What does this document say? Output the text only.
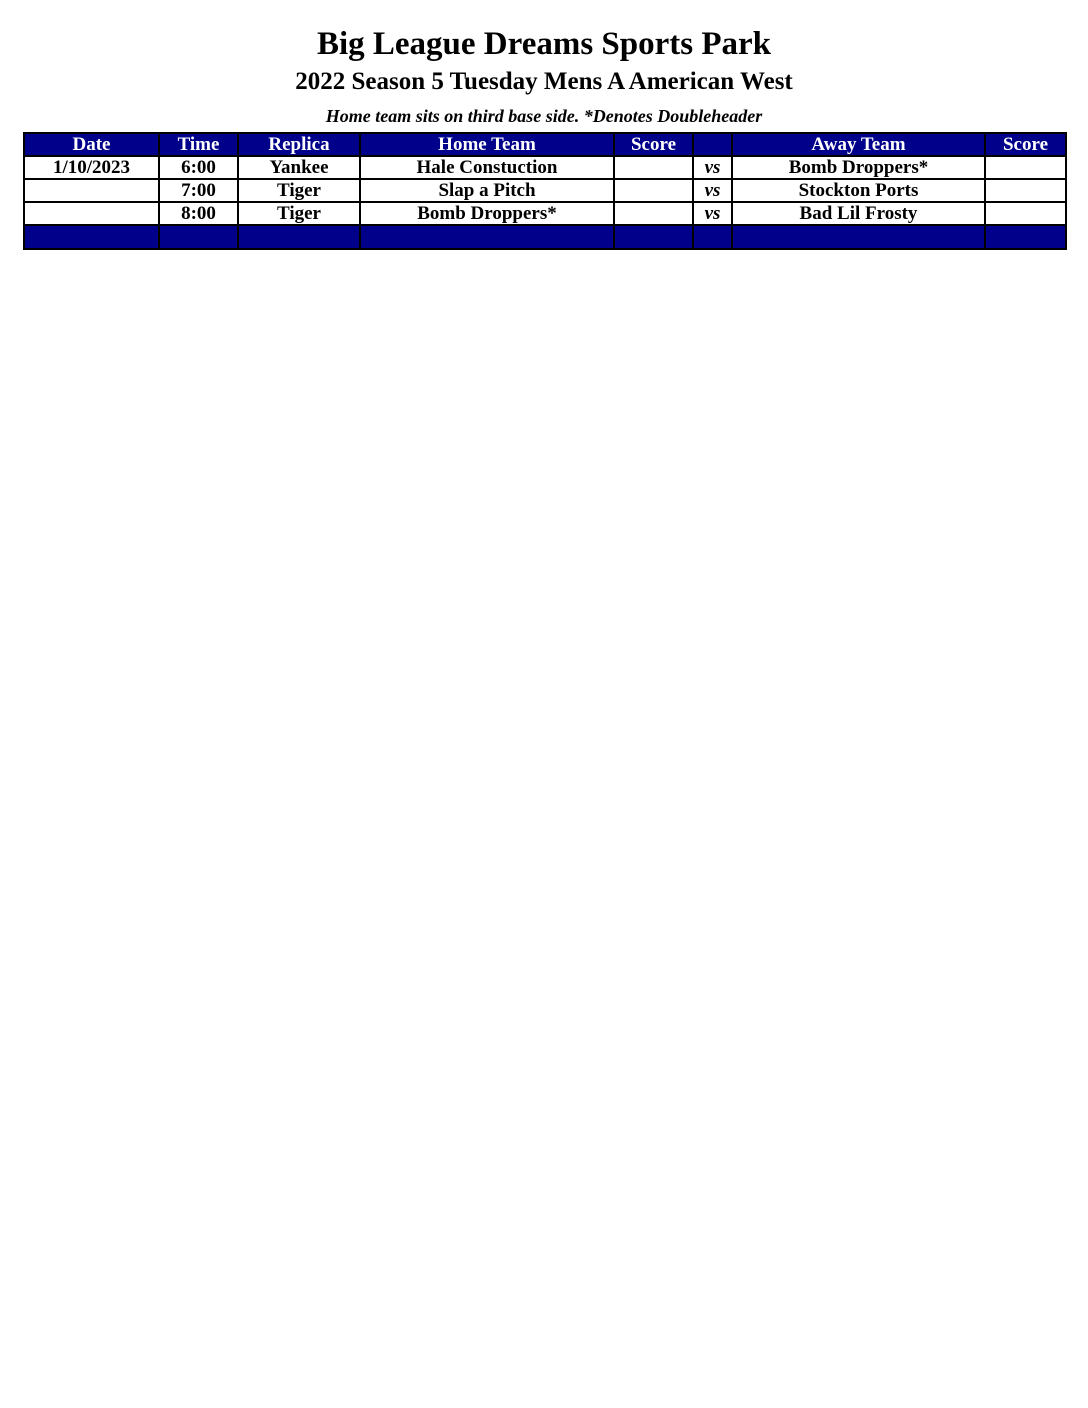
Big League Dreams Sports Park
2022 Season 5 Tuesday Mens A American West
Home team sits on third base side. *Denotes Doubleheader
Date	Time	Replica	Home Team	Score		Away Team	Score
1/10/2023	6:00	Yankee	Hale Constuction		vs	Bomb Droppers*	
	7:00	Tiger	Slap a Pitch		vs	Stockton Ports	
	8:00	Tiger	Bomb Droppers*		vs	Bad Lil Frosty	
